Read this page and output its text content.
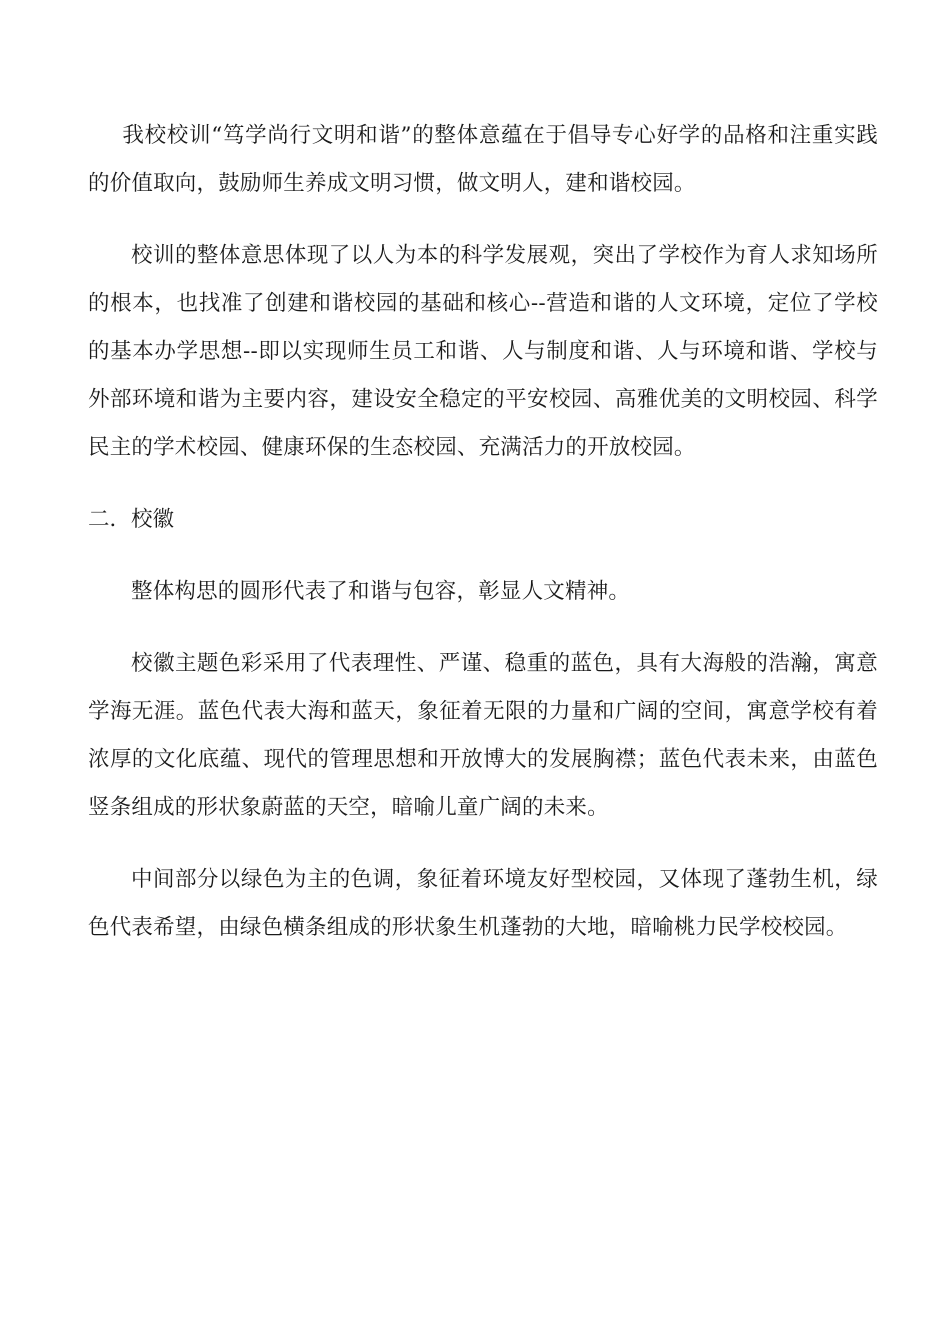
我校校训“笃学尚行文明和谐”的整体意蕴在于倡导专心好学的品格和注重实践的价值取向，鼓励师生养成文明习惯，做文明人，建和谐校园。

校训的整体意思体现了以人为本的科学发展观，突出了学校作为育人求知场所的根本，也找准了创建和谐校园的基础和核心--营造和谐的人文环境，定位了学校的基本办学思想--即以实现师生员工和谐、人与制度和谐、人与环境和谐、学校与外部环境和谐为主要内容，建设安全稳定的平安校园、高雅优美的文明校园、科学民主的学术校园、健康环保的生态校园、充满活力的开放校园。

二．校徽

整体构思的圆形代表了和谐与包容，彰显人文精神。

校徽主题色彩采用了代表理性、严谨、稳重的蓝色，具有大海般的浩瀚，寓意学海无涯。蓝色代表大海和蓝天，象征着无限的力量和广阔的空间，寓意学校有着浓厚的文化底蕴、现代的管理思想和开放博大的发展胸襟；蓝色代表未来，由蓝色竖条组成的形状象蔚蓝的天空，暗喻儿童广阔的未来。

中间部分以绿色为主的色调，象征着环境友好型校园，又体现了蓬勃生机，绿色代表希望，由绿色横条组成的形状象生机蓬勃的大地，暗喻桃力民学校校园。
